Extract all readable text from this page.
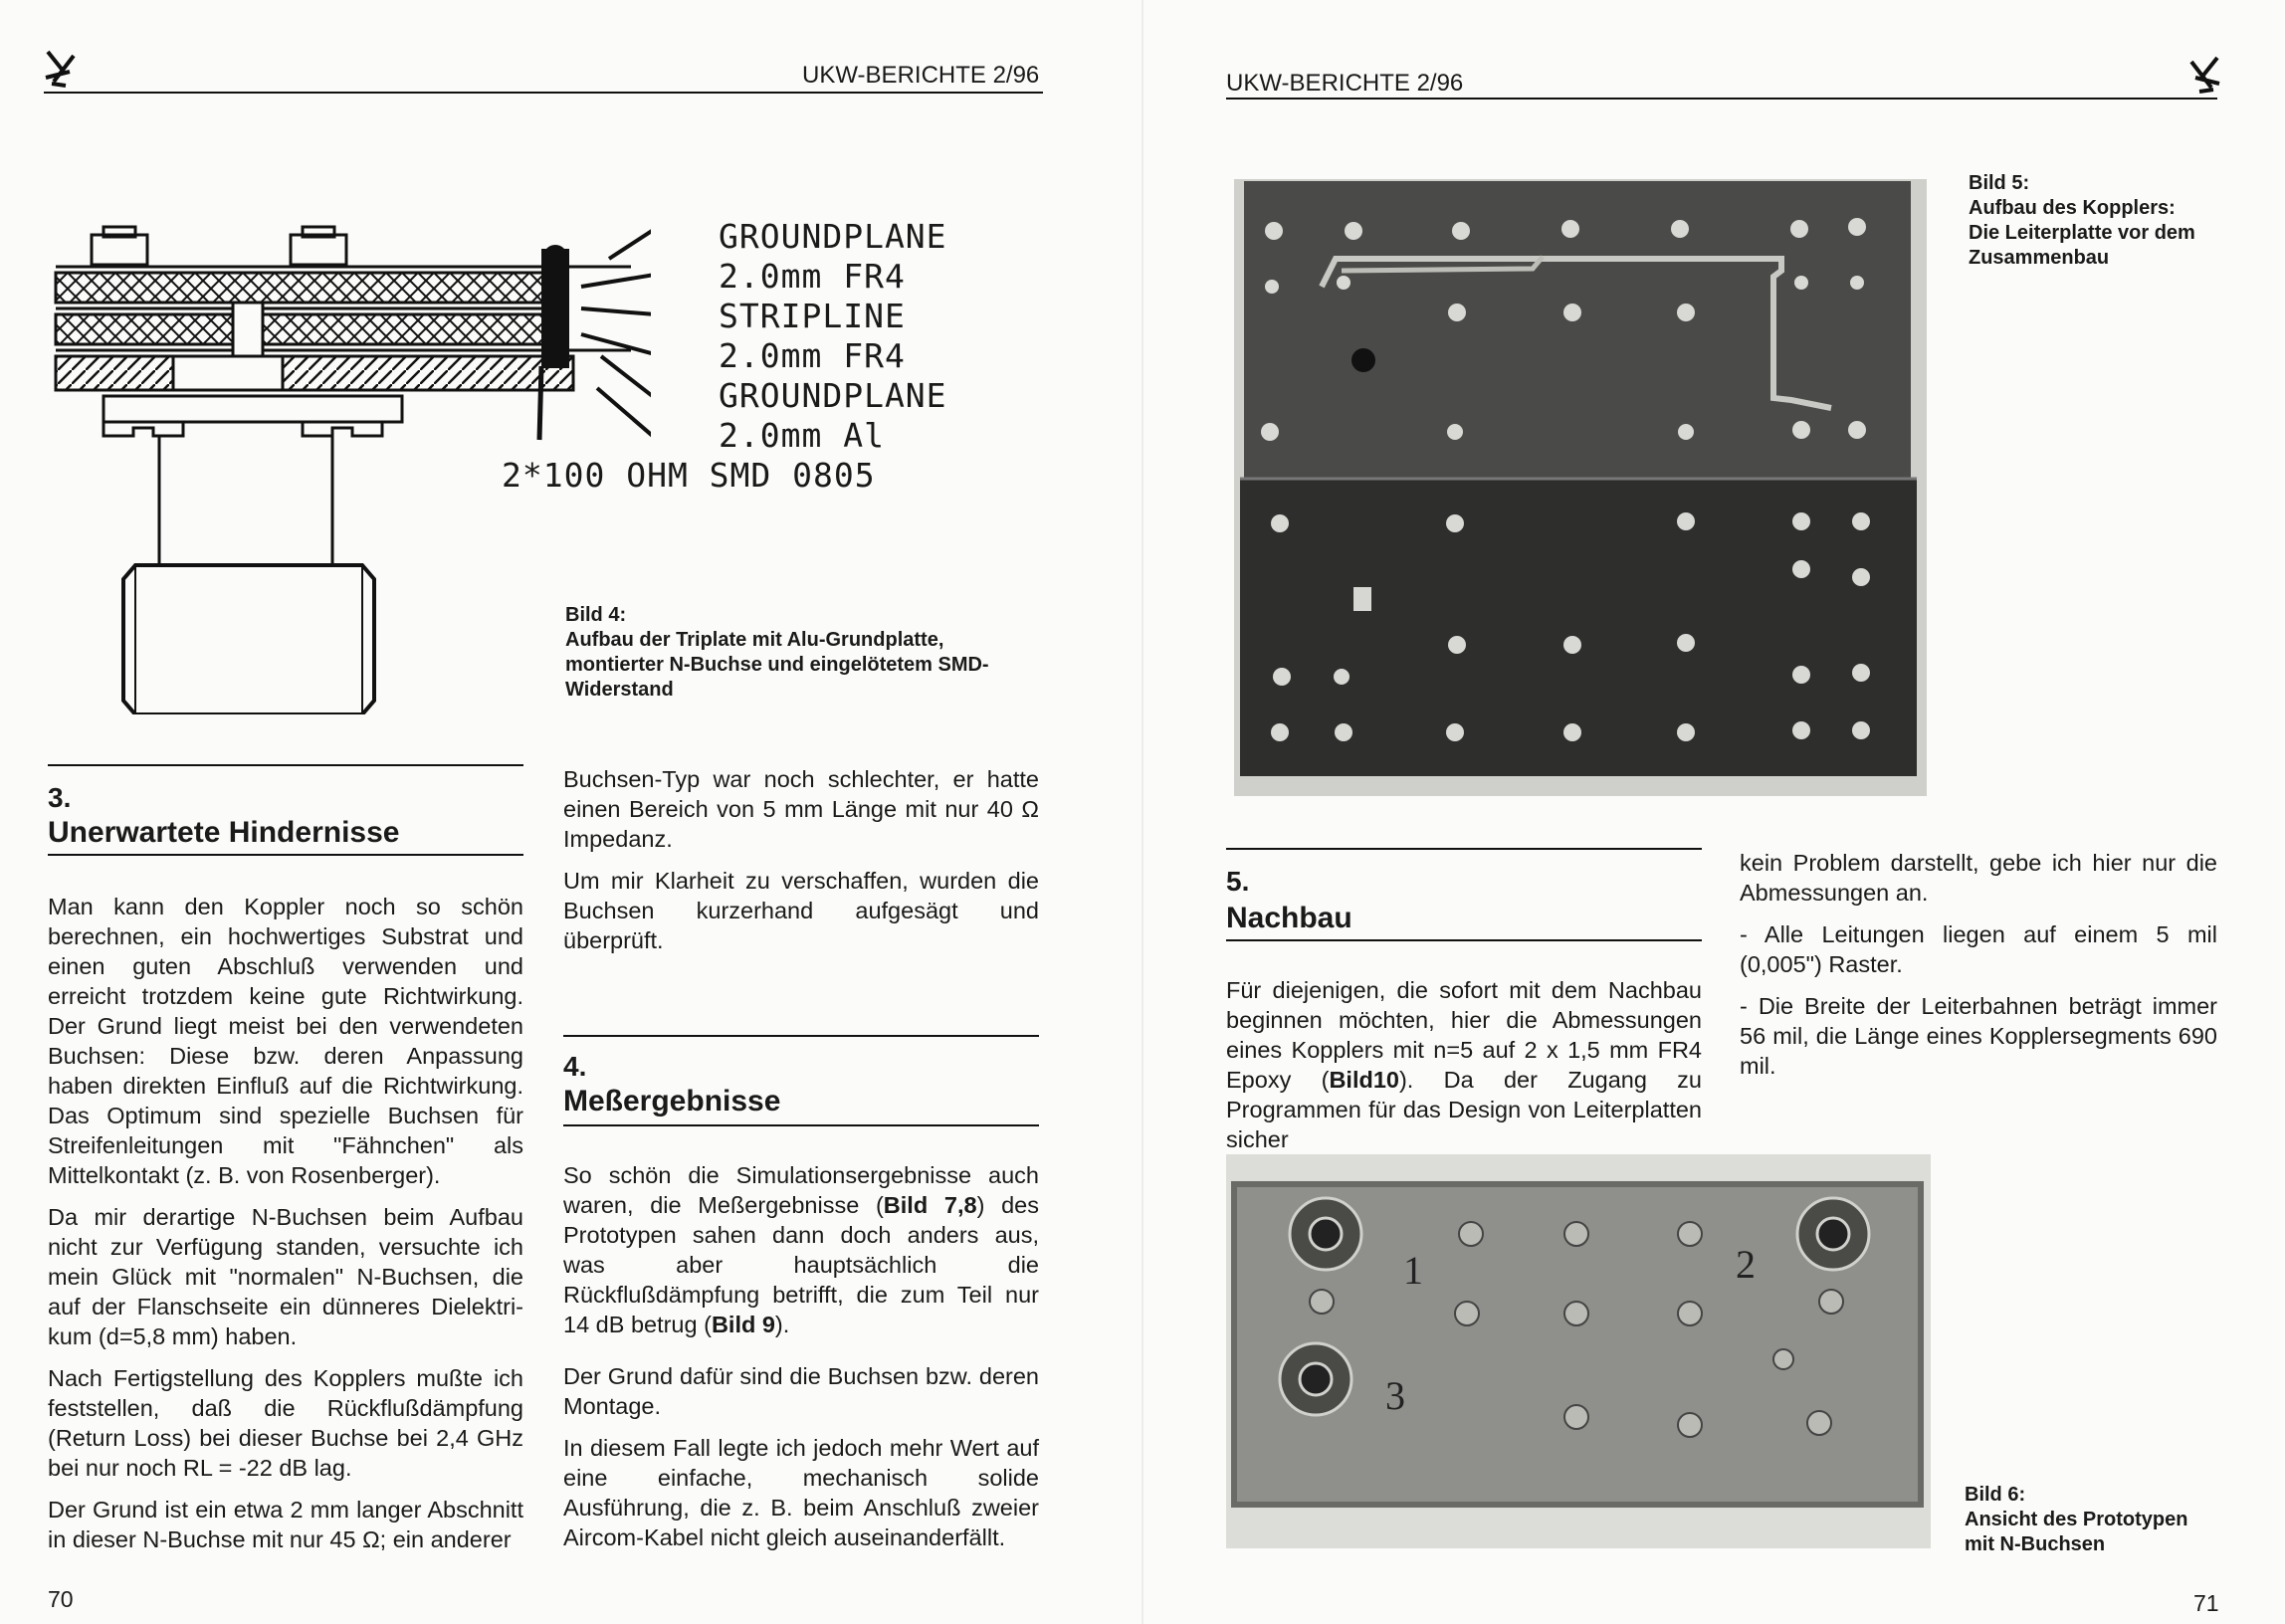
UKW-BERICHTE 2/96
GROUNDPLANE
2.0mm FR4
STRIPLINE
2.0mm FR4
GROUNDPLANE
2.0mm Al
2*100 OHM SMD 0805
Bild 4:
Aufbau der Triplate mit Alu-Grundplatte, montierter N-Buchse und eingelötetem SMD-Widerstand
3.
Unerwartete Hindernisse

Man kann den Koppler noch so schön berechnen, ein hochwertiges Substrat und einen guten Abschluß verwenden und erreicht trotzdem keine gute Richtwirkung. Der Grund liegt meist bei den verwendeten Buchsen: Diese bzw. deren Anpassung haben direkten Einfluß auf die Richtwirkung. Das Optimum sind spezielle Buchsen für Streifenleitungen mit "Fähnchen" als Mittelkontakt (z. B. von Rosenberger).

Da mir derartige N-Buchsen beim Aufbau nicht zur Verfügung standen, versuchte ich mein Glück mit "normalen" N-Buchsen, die auf der Flanschseite ein dünneres Dielektri-kum (d=5,8 mm) haben.

Nach Fertigstellung des Kopplers mußte ich feststellen, daß die Rückflußdämpfung (Return Loss) bei dieser Buchse bei 2,4 GHz bei nur noch RL = -22 dB lag.

Der Grund ist ein etwa 2 mm langer Abschnitt in dieser N-Buchse mit nur 45 Ω; ein anderer

Buchsen-Typ war noch schlechter, er hatte einen Bereich von 5 mm Länge mit nur 40 Ω Impedanz.

Um mir Klarheit zu verschaffen, wurden die Buchsen kurzerhand aufgesägt und überprüft.

4.
Meßergebnisse

So schön die Simulationsergebnisse auch waren, die Meßergebnisse (Bild 7,8) des Prototypen sahen dann doch anders aus, was aber hauptsächlich die Rückflußdämpfung betrifft, die zum Teil nur 14 dB betrug (Bild 9).

Der Grund dafür sind die Buchsen bzw. deren Montage.

In diesem Fall legte ich jedoch mehr Wert auf eine einfache, mechanisch solide Ausführung, die z. B. beim Anschluß zweier Aircom-Kabel nicht gleich auseinanderfällt.

70
UKW-BERICHTE 2/96
Bild 5:
Aufbau des Kopplers: Die Leiterplatte vor dem Zusammenbau
5.
Nachbau

Für diejenigen, die sofort mit dem Nachbau beginnen möchten, hier die Abmessungen eines Kopplers mit n=5 auf 2 x 1,5 mm FR4 Epoxy (Bild10). Da der Zugang zu Programmen für das Design von Leiterplatten sicher

kein Problem darstellt, gebe ich hier nur die Abmessungen an.

- Alle Leitungen liegen auf einem 5 mil (0,005") Raster.

- Die Breite der Leiterbahnen beträgt immer 56 mil, die Länge eines Kopplersegments 690 mil.

1	2
3
Bild 6:
Ansicht des Prototypen mit N-Buchsen
71
